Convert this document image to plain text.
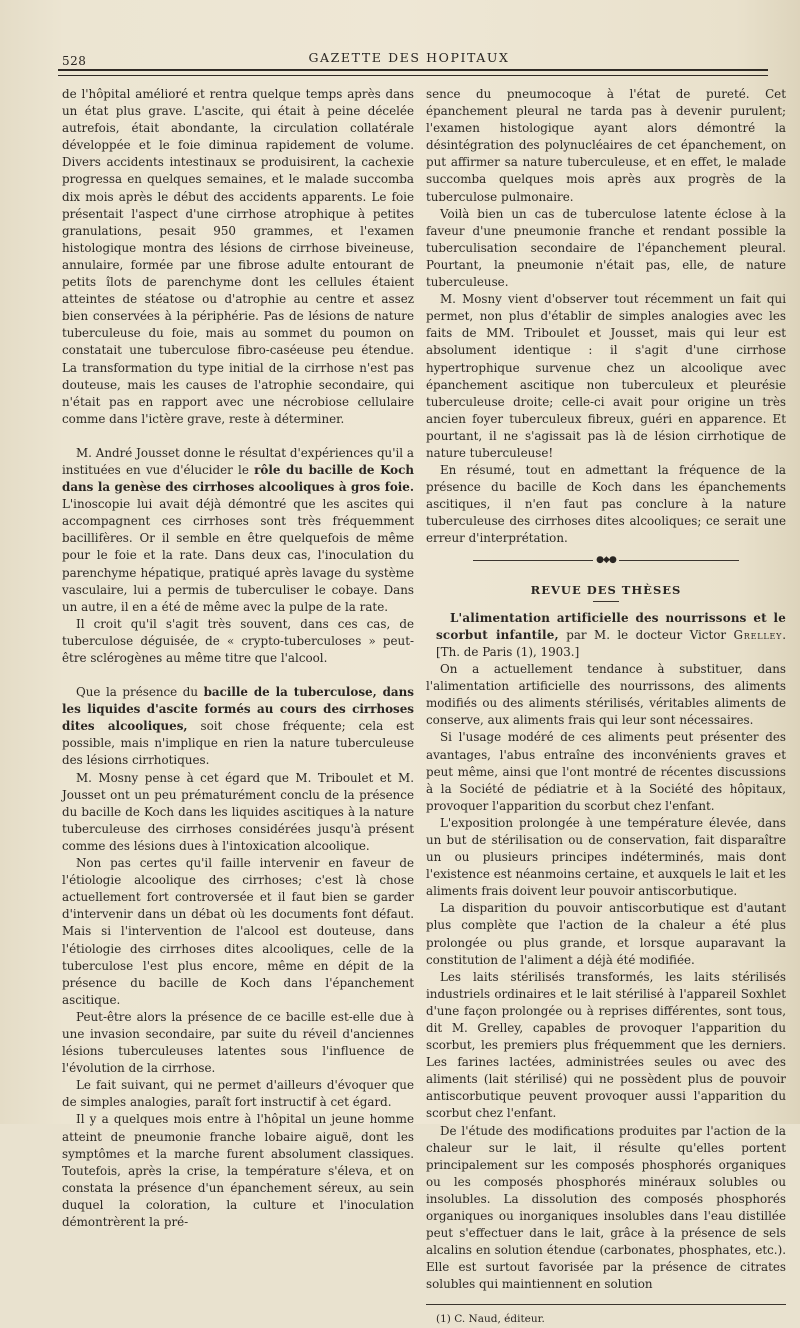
528	GAZETTE DES HOPITAUX

de l'hôpital amélioré et rentra quelque temps après dans un état plus grave. L'ascite, qui était à peine décelée autrefois, était abondante, la circulation collatérale développée et le foie diminua rapidement de volume. Divers accidents intestinaux se produisirent, la cachexie progressa en quelques semaines, et le malade succomba dix mois après le début des accidents apparents. Le foie présentait l'aspect d'une cirrhose atrophique à petites granulations, pesait 950 grammes, et l'examen histologique montra des lésions de cirrhose biveineuse, annulaire, formée par une fibrose adulte entourant de petits îlots de parenchyme dont les cellules étaient atteintes de stéatose ou d'atrophie au centre et assez bien conservées à la périphérie. Pas de lésions de nature tuberculeuse du foie, mais au sommet du poumon on constatait une tuberculose fibro-caséeuse peu étendue. La transformation du type initial de la cirrhose n'est pas douteuse, mais les causes de l'atrophie secondaire, qui n'était pas en rapport avec une nécrobiose cellulaire comme dans l'ictère grave, reste à déterminer.

M. André Jousset donne le résultat d'expériences qu'il a instituées en vue d'élucider le rôle du bacille de Koch dans la genèse des cirrhoses alcooliques à gros foie. L'inoscopie lui avait déjà démontré que les ascites qui accompagnent ces cirrhoses sont très fréquemment bacillifères. Or il semble en être quelquefois de même pour le foie et la rate. Dans deux cas, l'inoculation du parenchyme hépatique, pratiqué après lavage du système vasculaire, lui a permis de tuberculiser le cobaye. Dans un autre, il en a été de même avec la pulpe de la rate.

Il croit qu'il s'agit très souvent, dans ces cas, de tuberculose déguisée, de « crypto-tuberculoses » peut-être sclérogènes au même titre que l'alcool.

Que la présence du bacille de la tuberculose, dans les liquides d'ascite formés au cours des cirrhoses dites alcooliques, soit chose fréquente; cela est possible, mais n'implique en rien la nature tuberculeuse des lésions cirrhotiques.

M. Mosny pense à cet égard que M. Triboulet et M. Jousset ont un peu prématurément conclu de la présence du bacille de Koch dans les liquides ascitiques à la nature tuberculeuse des cirrhoses considérées jusqu'à présent comme des lésions dues à l'intoxication alcoolique.

Non pas certes qu'il faille intervenir en faveur de l'étiologie alcoolique des cirrhoses; c'est là chose actuellement fort controversée et il faut bien se garder d'intervenir dans un débat où les documents font défaut. Mais si l'intervention de l'alcool est douteuse, dans l'étiologie des cirrhoses dites alcooliques, celle de la tuberculose l'est plus encore, même en dépit de la présence du bacille de Koch dans l'épanchement ascitique.

Peut-être alors la présence de ce bacille est-elle due à une invasion secondaire, par suite du réveil d'anciennes lésions tuberculeuses latentes sous l'influence de l'évolution de la cirrhose.

Le fait suivant, qui ne permet d'ailleurs d'évoquer que de simples analogies, paraît fort instructif à cet égard.

Il y a quelques mois entre à l'hôpital un jeune homme atteint de pneumonie franche lobaire aiguë, dont les symptômes et la marche furent absolument classiques. Toutefois, après la crise, la température s'éleva, et on constata la présence d'un épanchement séreux, au sein duquel la coloration, la culture et l'inoculation démontrèrent la pré-

sence du pneumocoque à l'état de pureté. Cet épanchement pleural ne tarda pas à devenir purulent; l'examen histologique ayant alors démontré la désintégration des polynucléaires de cet épanchement, on put affirmer sa nature tuberculeuse, et en effet, le malade succomba quelques mois après aux progrès de la tuberculose pulmonaire.

Voilà bien un cas de tuberculose latente éclose à la faveur d'une pneumonie franche et rendant possible la tuberculisation secondaire de l'épanchement pleural. Pourtant, la pneumonie n'était pas, elle, de nature tuberculeuse.

M. Mosny vient d'observer tout récemment un fait qui permet, non plus d'établir de simples analogies avec les faits de MM. Triboulet et Jousset, mais qui leur est absolument identique : il s'agit d'une cirrhose hypertrophique survenue chez un alcoolique avec épanchement ascitique non tuberculeux et pleurésie tuberculeuse droite; celle-ci avait pour origine un très ancien foyer tuberculeux fibreux, guéri en apparence. Et pourtant, il ne s'agissait pas là de lésion cirrhotique de nature tuberculeuse!

En résumé, tout en admettant la fréquence de la présence du bacille de Koch dans les épanchements ascitiques, il n'en faut pas conclure à la nature tuberculeuse des cirrhoses dites alcooliques; ce serait une erreur d'interprétation.

●◆●
REVUE DES THÈSES

L'alimentation artificielle des nourrissons et le scorbut infantile, par M. le docteur Victor Grelley. [Th. de Paris (1), 1903.]

On a actuellement tendance à substituer, dans l'alimentation artificielle des nourrissons, des aliments modifiés ou des aliments stérilisés, véritables aliments de conserve, aux aliments frais qui leur sont nécessaires.

Si l'usage modéré de ces aliments peut présenter des avantages, l'abus entraîne des inconvénients graves et peut même, ainsi que l'ont montré de récentes discussions à la Société de pédiatrie et à la Société des hôpitaux, provoquer l'apparition du scorbut chez l'enfant.

L'exposition prolongée à une température élevée, dans un but de stérilisation ou de conservation, fait disparaître un ou plusieurs principes indéterminés, mais dont l'existence est néanmoins certaine, et auxquels le lait et les aliments frais doivent leur pouvoir antiscorbutique.

La disparition du pouvoir antiscorbutique est d'autant plus complète que l'action de la chaleur a été plus prolongée ou plus grande, et lorsque auparavant la constitution de l'aliment a déjà été modifiée.

Les laits stérilisés transformés, les laits stérilisés industriels ordinaires et le lait stérilisé à l'appareil Soxhlet d'une façon prolongée ou à reprises différentes, sont tous, dit M. Grelley, capables de provoquer l'apparition du scorbut, les premiers plus fréquemment que les derniers. Les farines lactées, administrées seules ou avec des aliments (lait stérilisé) qui ne possèdent plus de pouvoir antiscorbutique peuvent provoquer aussi l'apparition du scorbut chez l'enfant.

De l'étude des modifications produites par l'action de la chaleur sur le lait, il résulte qu'elles portent principalement sur les composés phosphorés organiques ou les composés phosphorés minéraux solubles ou insolubles. La dissolution des composés phosphorés organiques ou inorganiques insolubles dans l'eau distillée peut s'effectuer dans le lait, grâce à la présence de sels alcalins en solution étendue (carbonates, phosphates, etc.). Elle est surtout favorisée par la présence de citrates solubles qui maintiennent en solution

(1) C. Naud, éditeur.
